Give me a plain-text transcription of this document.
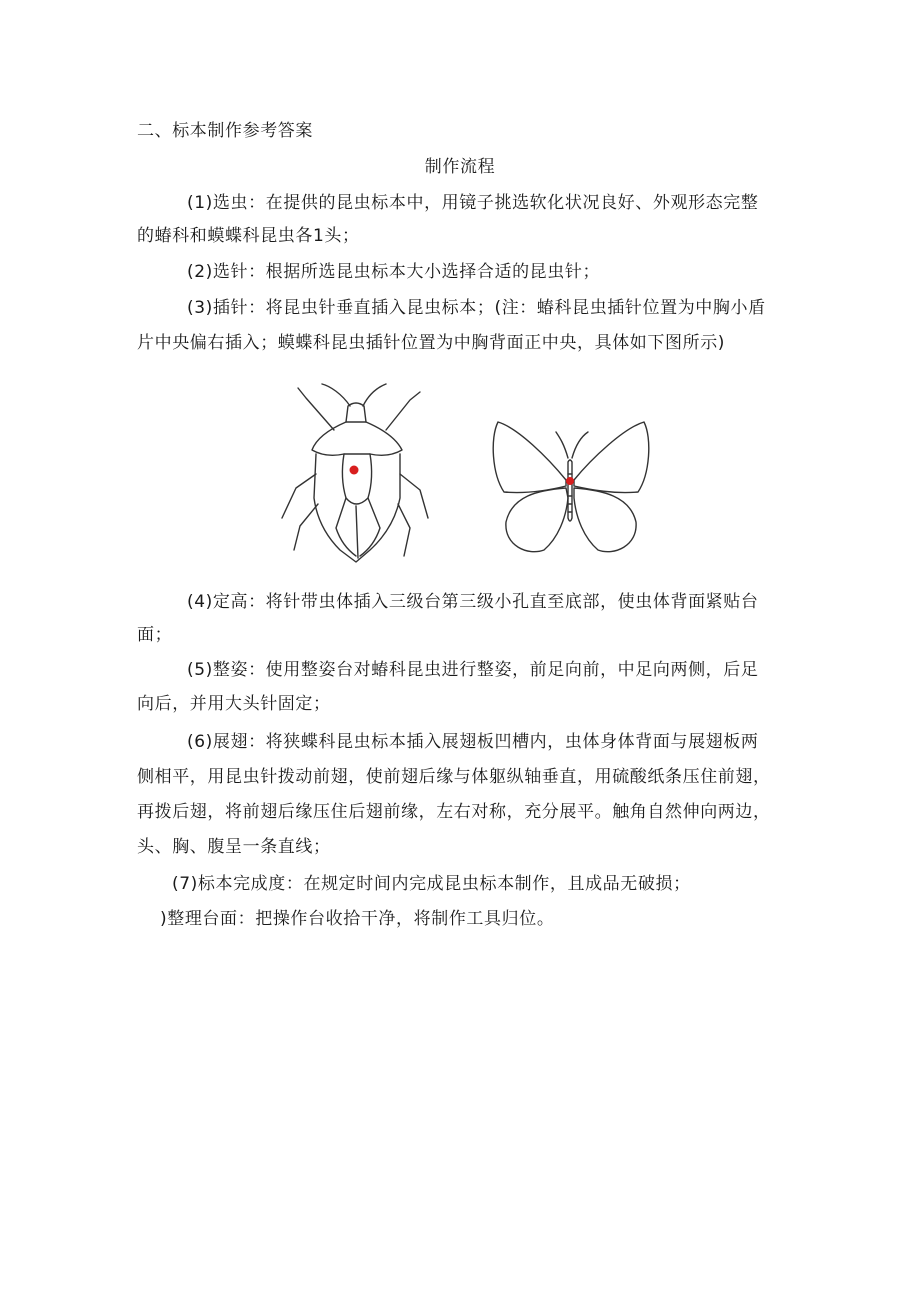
二、标本制作参考答案
制作流程
(1)选虫：在提供的昆虫标本中，用镜子挑选软化状况良好、外观形态完整
的蝽科和蟆蝶科昆虫各1头；
(2)选针：根据所选昆虫标本大小选择合适的昆虫针；
(3)插针：将昆虫针垂直插入昆虫标本；(注：蝽科昆虫插针位置为中胸小盾
片中央偏右插入；蟆蝶科昆虫插针位置为中胸背面正中央，具体如下图所示)
(4)定高：将针带虫体插入三级台第三级小孔直至底部，使虫体背面紧贴台
面；
(5)整姿：使用整姿台对蝽科昆虫进行整姿，前足向前，中足向两侧，后足
向后，并用大头针固定；
(6)展翅：将狭蝶科昆虫标本插入展翅板凹槽内，虫体身体背面与展翅板两
侧相平，用昆虫针拨动前翅，使前翅后缘与体躯纵轴垂直，用硫酸纸条压住前翅，
再拨后翅，将前翅后缘压住后翅前缘，左右对称，充分展平。触角自然伸向两边，
头、胸、腹呈一条直线；
(7)标本完成度：在规定时间内完成昆虫标本制作，且成品无破损；
)整理台面：把操作台收拾干净，将制作工具归位。
